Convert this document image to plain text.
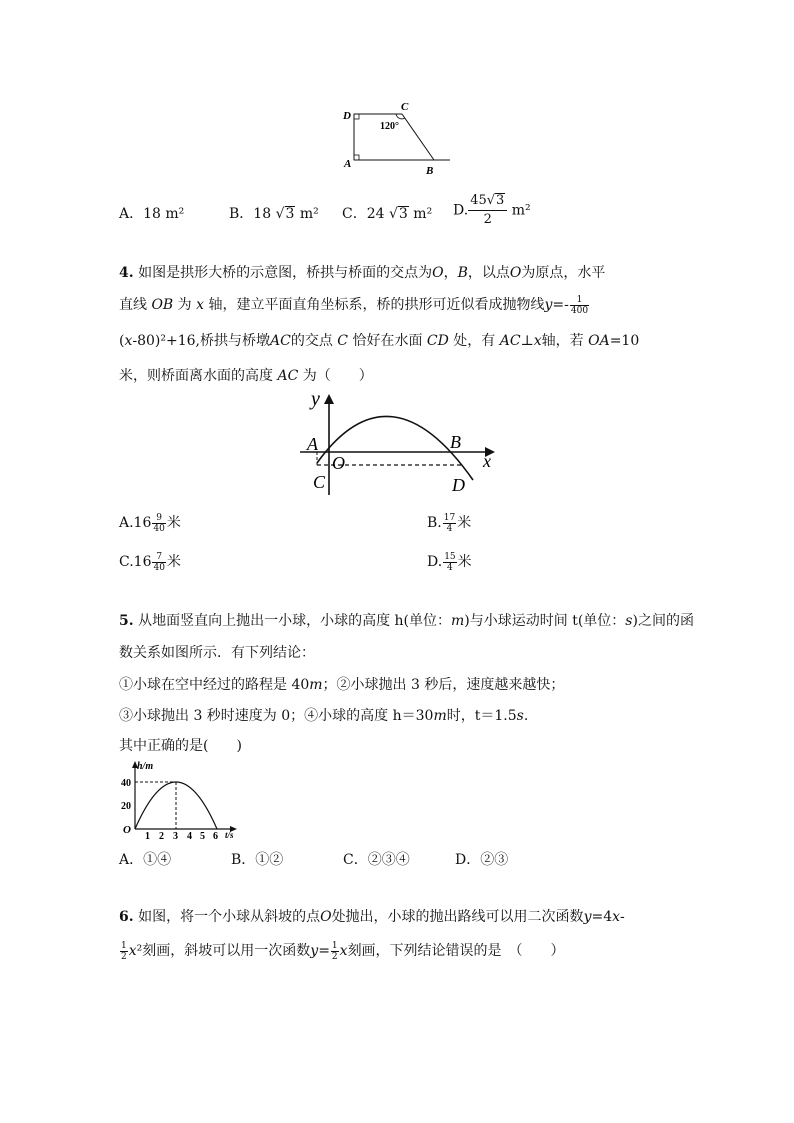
D
C
A
B
120°
A．18 m²	B．18 √3 m² C．24 √3 m² D. $\frac{45√3}{2} m^2$
4. 如图是拱形大桥的示意图，桥拱与桥面的交点为O，B，以点O为原点，水平
直线 OB 为 x 轴，建立平面直角坐标系，桥的拱形可近似看成抛物线$y=- \frac{1}{400}$
(x-80)²+16,桥拱与桥墩AC的交点 C 恰好在水面 CD 处，有 AC⊥x轴，若 OA=10
米，则桥面离水面的高度 AC 为（　　）
y
x
A	B
O
C	D
$A.16 \frac{9}{40}$ 米	B. $\frac{17}{4}$ 米
$C.16 \frac{7}{40}$ 米	D. $\frac{15}{4}$ 米
5. 从地面竖直向上抛出一小球，小球的高度 h(单位：m)与小球运动时间 t(单位：s)之间的函
数关系如图所示．有下列结论：
①小球在空中经过的路程是 40m；②小球抛出 3 秒后，速度越来越快；
③小球抛出 3 秒时速度为 0；④小球的高度 h＝30m时，t＝1.5s.
其中正确的是(　　)
h/m
t/s
O
40
20
1 2 3 4 5 6
A．①④	B．①②	C．②③④	D．②③
6. 如图，将一个小球从斜坡的点O处抛出，小球的抛出路线可以用二次函数y=4x-
$\frac{1}{2} x^2$刻画，斜坡可以用一次函数$y= \frac{1}{2}$ x刻画，下列结论错误的是　（　　）
